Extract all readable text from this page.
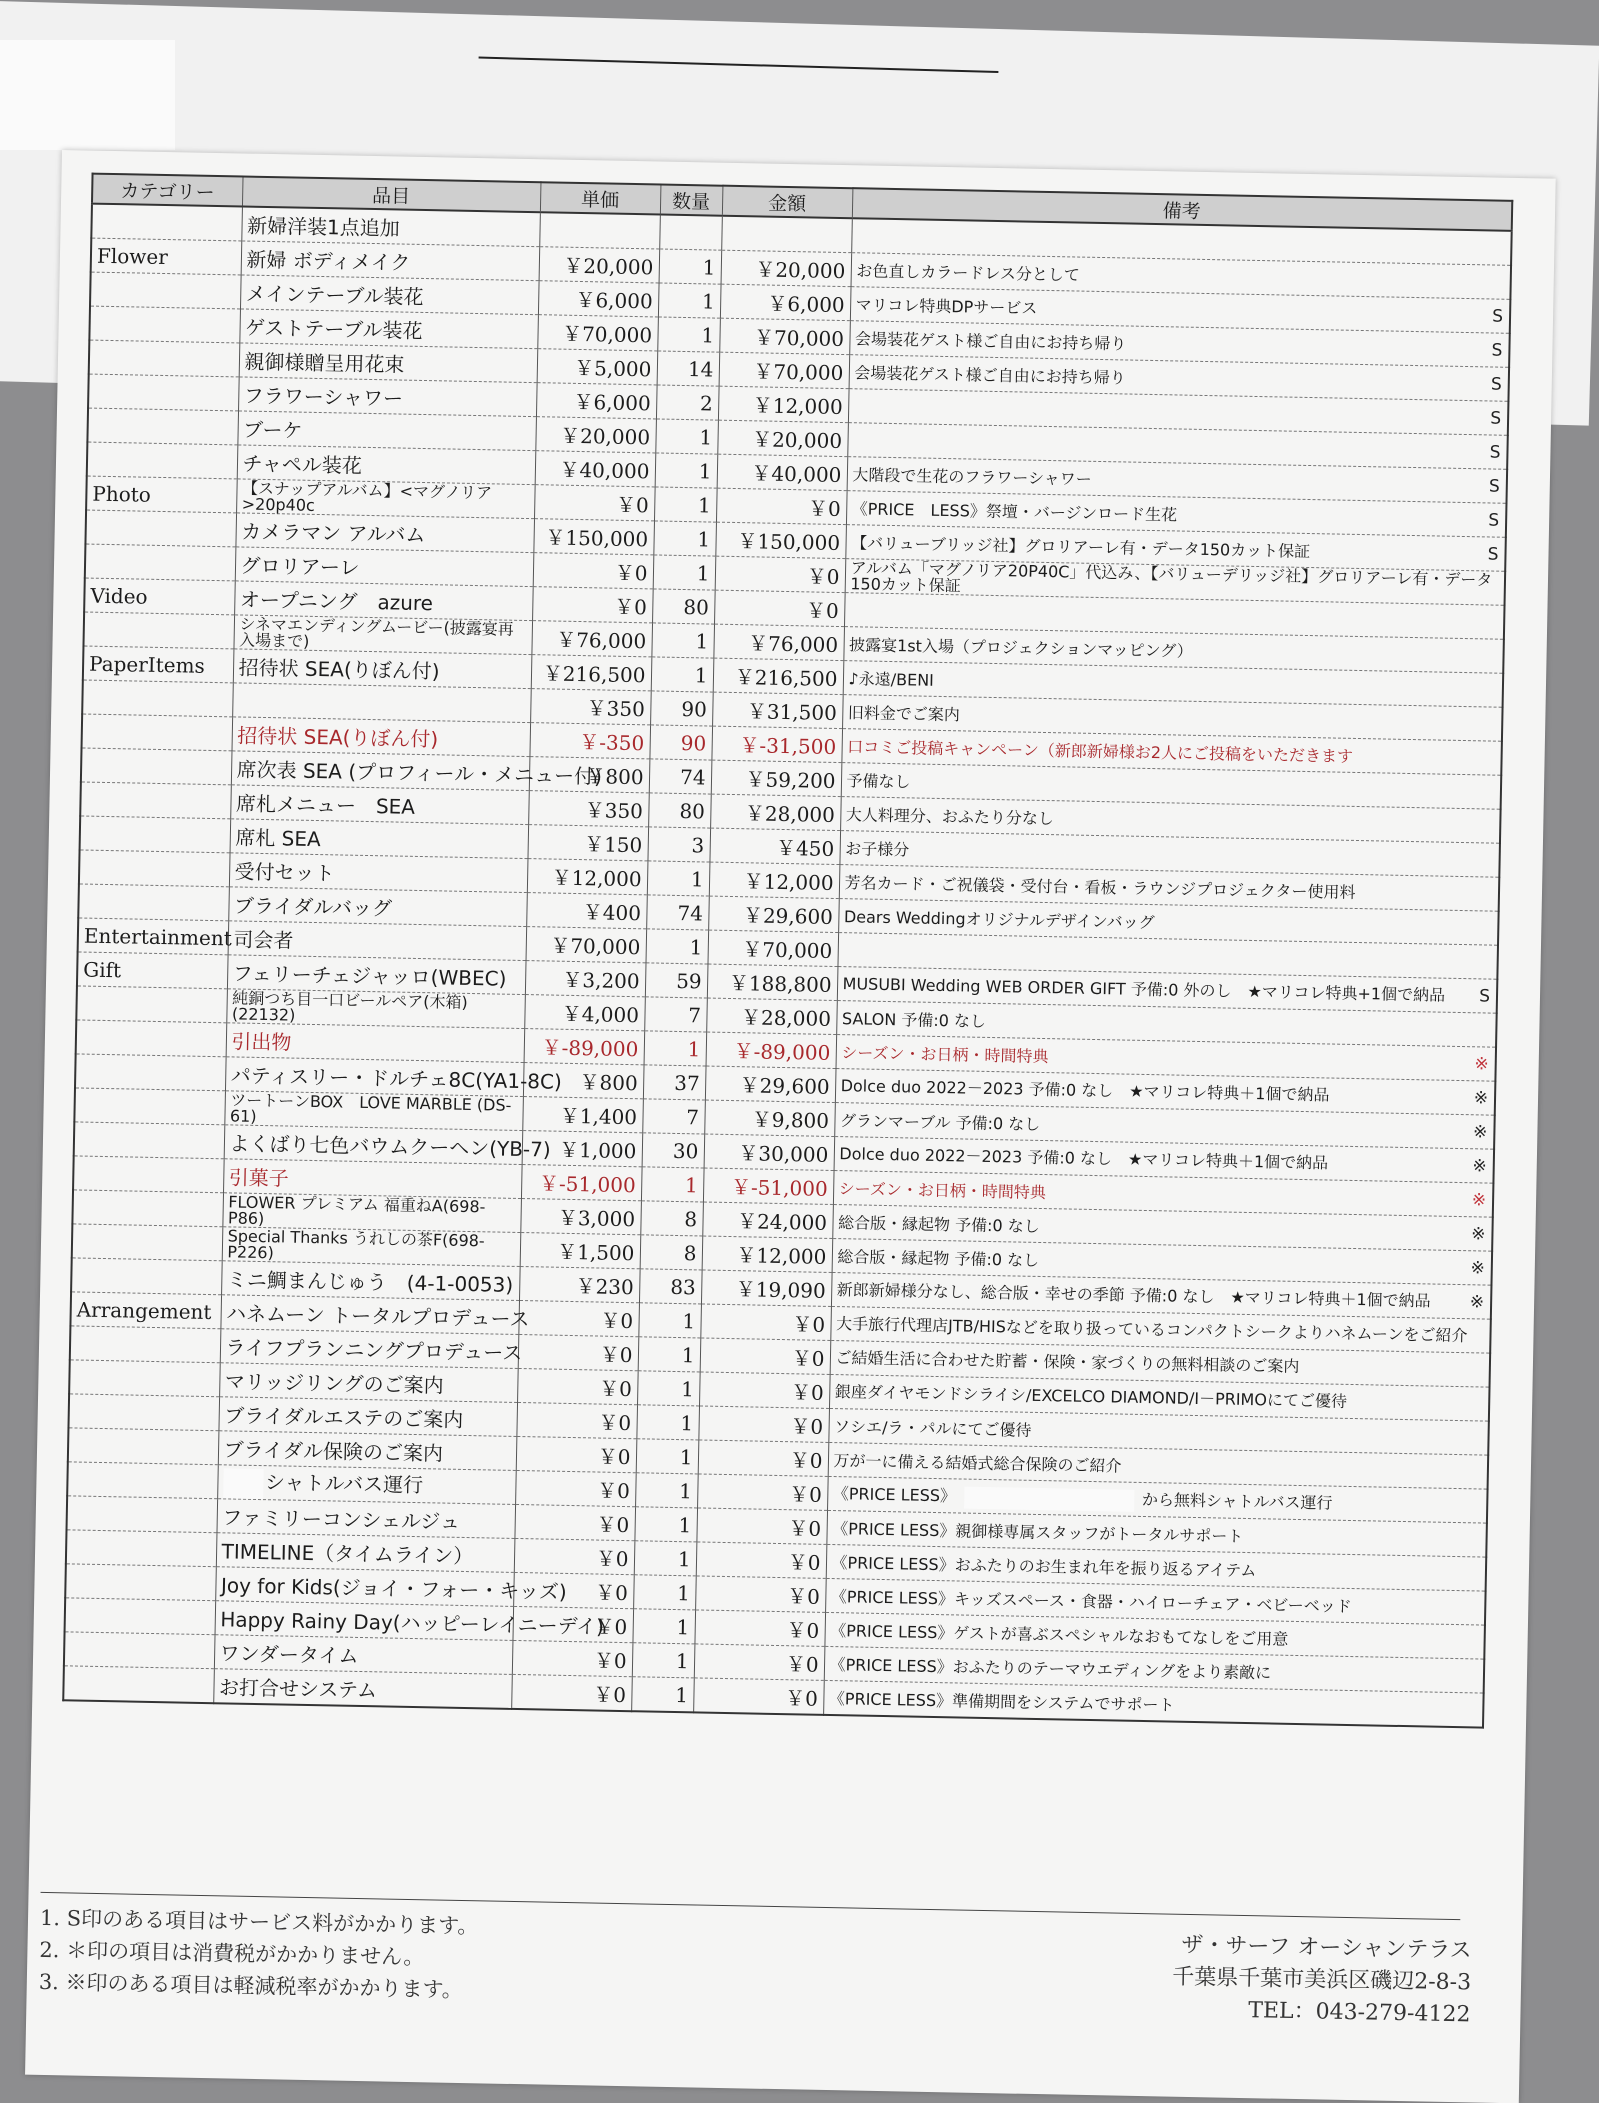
カテゴリー	品目	単価	数量	金額	備考
	新婦洋装1点追加				

Flower	新婦 ボディメイク	￥20,000	1	￥20,000	お色直しカラードレス分として

	メインテーブル装花	￥6,000	1	￥6,000	マリコレ特典DPサービス S

	ゲストテーブル装花	￥70,000	1	￥70,000	会場装花ゲスト様ご自由にお持ち帰り S

	親御様贈呈用花束	￥5,000	14	￥70,000	会場装花ゲスト様ご自由にお持ち帰り S

	フラワーシャワー	￥6,000	2	￥12,000	S

	ブーケ	￥20,000	1	￥20,000	S

	チャペル装花	￥40,000	1	￥40,000	大階段で生花のフラワーシャワー S

Photo	【スナップアルバム】<マグノリア>20p40c	￥0	1	￥0	《PRICE　LESS》祭壇・バージンロード生花 S

	カメラマン アルバム	￥150,000	1	￥150,000	【バリューブリッジ社】グロリアーレ有・データ150カット保証 S

	グロリアーレ	￥0	1	￥0	アルバム「マグノリア20P40C」代込み、【バリューデリッジ社】グロリアーレ有・データ150カット保証

Video	オープニング　azure	￥0	80	￥0	

	シネマエンディングムービー(披露宴再入場まで)	￥76,000	1	￥76,000	披露宴1st入場（プロジェクションマッピング）

PaperItems	招待状 SEA(りぼん付)	￥216,500	1	￥216,500	♪永遠/BENI

		￥350	90	￥31,500	旧料金でご案内

	招待状 SEA(りぼん付)	￥-350	90	￥-31,500	口コミご投稿キャンペーン（新郎新婦様お2人にご投稿をいただきます

	席次表 SEA (プロフィール・メニュー付)	￥800	74	￥59,200	予備なし

	席札メニュー　SEA	￥350	80	￥28,000	大人料理分、おふたり分なし

	席札 SEA	￥150	3	￥450	お子様分

	受付セット	￥12,000	1	￥12,000	芳名カード・ご祝儀袋・受付台・看板・ラウンジプロジェクター使用料

	ブライダルバッグ	￥400	74	￥29,600	Dears Weddingオリジナルデザインバッグ

Entertainment	司会者	￥70,000	1	￥70,000	

Gift	フェリーチェジャッロ(WBEC)	￥3,200	59	￥188,800	MUSUBI Wedding WEB ORDER GIFT 予備:0 外のし　★マリコレ特典+1個で納品 S

	純銅つち目一口ビールペア(木箱)(22132)	￥4,000	7	￥28,000	SALON 予備:0 なし

	引出物	￥-89,000	1	￥-89,000	シーズン・お日柄・時間特典 ※

	パティスリー・ドルチェ8C(YA1-8C)	￥800	37	￥29,600	Dolce duo 2022－2023 予備:0 なし　★マリコレ特典＋1個で納品 ※

	ツートーンBOX　LOVE MARBLE (DS-61)	￥1,400	7	￥9,800	グランマーブル 予備:0 なし ※

	よくばり七色バウムクーヘン(YB-7)	￥1,000	30	￥30,000	Dolce duo 2022－2023 予備:0 なし　★マリコレ特典＋1個で納品 ※

	引菓子	￥-51,000	1	￥-51,000	シーズン・お日柄・時間特典 ※

	FLOWER プレミアム 福重ねA(698-P86)	￥3,000	8	￥24,000	総合版・縁起物 予備:0 なし ※

	Special Thanks うれしの茶F(698-P226)	￥1,500	8	￥12,000	総合版・縁起物 予備:0 なし ※

	ミニ鯛まんじゅう　(4-1-0053)	￥230	83	￥19,090	新郎新婦様分なし、総合版・幸せの季節 予備:0 なし　★マリコレ特典＋1個で納品 ※

Arrangement	ハネムーン トータルプロデュース	￥0	1	￥0	大手旅行代理店JTB/HISなどを取り扱っているコンパクトシークよりハネムーンをご紹介

	ライフプランニングプロデュース	￥0	1	￥0	ご結婚生活に合わせた貯蓄・保険・家づくりの無料相談のご案内

	マリッジリングのご案内	￥0	1	￥0	銀座ダイヤモンドシライシ/EXCELCO DIAMOND/I－PRIMOにてご優待

	ブライダルエステのご案内	￥0	1	￥0	ソシエ/ラ・パルにてご優待

	ブライダル保険のご案内	￥0	1	￥0	万が一に備える結婚式総合保険のご紹介

	シャトルバス運行	￥0	1	￥0	《PRICE LESS》 から無料シャトルバス運行

	ファミリーコンシェルジュ	￥0	1	￥0	《PRICE LESS》親御様専属スタッフがトータルサポート

	TIMELINE（タイムライン）	￥0	1	￥0	《PRICE LESS》おふたりのお生まれ年を振り返るアイテム

	Joy for Kids(ジョイ・フォー・キッズ)	￥0	1	￥0	《PRICE LESS》キッズスペース・食器・ハイローチェア・ベビーベッド

	Happy Rainy Day(ハッピーレイニーデイ)	￥0	1	￥0	《PRICE LESS》ゲストが喜ぶスペシャルなおもてなしをご用意

	ワンダータイム	￥0	1	￥0	《PRICE LESS》おふたりのテーマウエディングをより素敵に

	お打合せシステム	￥0	1	￥0	《PRICE LESS》準備期間をシステムでサポート
1. S印のある項目はサービス料がかかります。
2. ＊印の項目は消費税がかかりません。
3. ※印のある項目は軽減税率がかかります。
ザ・サーフ オーシャンテラス
千葉県千葉市美浜区磯辺2-8-3
TEL：043-279-4122
